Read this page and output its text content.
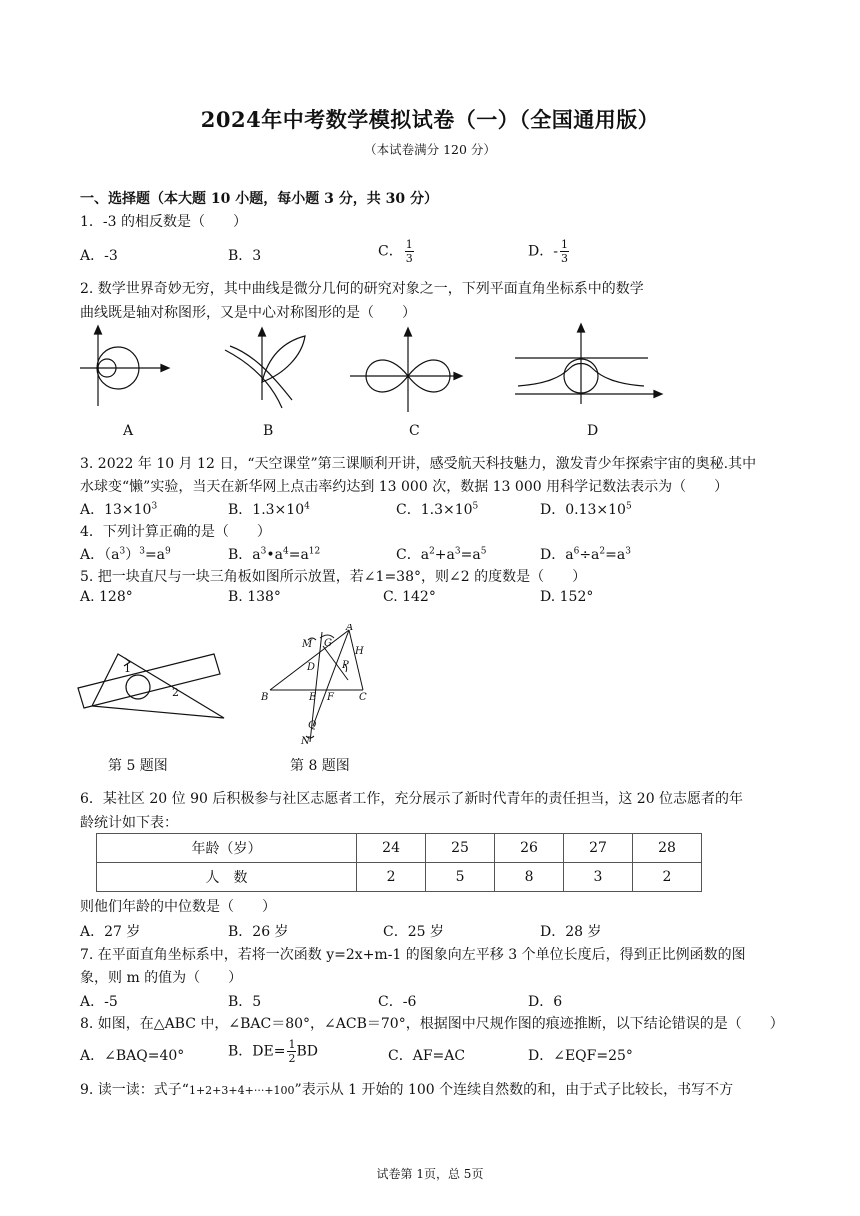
2024年中考数学模拟试卷（一）（全国通用版）
（本试卷满分 120 分）
一、选择题（本大题 10 小题，每小题 3 分，共 30 分）
1．-3 的相反数是（　　）
A．-3	B．3	C． $\frac{1}{3}$	D．- $\frac{1}{3}$
2. 数学世界奇妙无穷，其中曲线是微分几何的研究对象之一，下列平面直角坐标系中的数学
曲线既是轴对称图形，又是中心对称图形的是（　　）
A	B	C	D
3. 2022 年 10 月 12 日，“天空课堂”第三课顺利开讲，感受航天科技魅力，激发青少年探索宇宙的奥秘.其中
水球变“懒”实验，当天在新华网上点击率约达到 13 000 次，数据 13 000 用科学记数法表示为（　　）
A．$13\times 10^3$	B．$1.3\times 10^4$	C．$1.3\times 10^5$	D．$0.13\times 10^5$
4．下列计算正确的是（　　）
A．$(a^3)^3=a^9$	B．$a^3•a^4=a^{12}$	C．$a^2+a^3=a^5$	D．$a^6\div a^2=a^3$
5. 把一块直尺与一块三角板如图所示放置，若∠1=38°，则∠2 的度数是（　　）
A. 128°	B. 138°	C. 142°	D. 152°
1
2
A
B	C
D
E F
G
H
M
N
P
Q
第 5 题图	第 8 题图
6．某社区 20 位 90 后积极参与社区志愿者工作，充分展示了新时代青年的责任担当，这 20 位志愿者的年
龄统计如下表：
年龄（岁）	24	25	26	27	28
人　数	2	5	8	3	2
则他们年龄的中位数是（　　）
A．27 岁	B．26 岁	C．25 岁	D．28 岁
7. 在平面直角坐标系中，若将一次函数 y=2x+m-1 的图象向左平移 3 个单位长度后，得到正比例函数的图
象，则 m 的值为（　　）
A．-5	B．5	C．-6	D．6
8. 如图，在△ABC 中，∠BAC＝80°，∠ACB＝70°，根据图中尺规作图的痕迹推断，以下结论错误的是（　　）
A．∠BAQ=40°	B．$DE= \frac{1}{2}$ BD	C．AF=AC	D．∠EQF=25°
9. 读一读：式子“1+2+3+4+···+100”表示从 1 开始的 100 个连续自然数的和，由于式子比较长，书写不方
试卷第 1页，总 5页
